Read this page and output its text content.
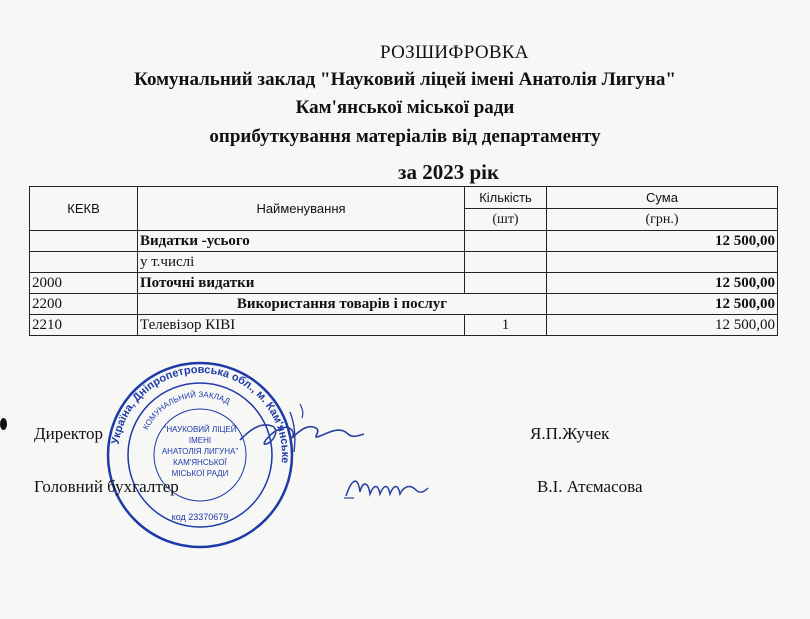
РОЗШИФРОВКА
Комунальний заклад "Науковий ліцей імені Анатолія Лигуна"
Кам'янської міської ради
оприбуткування матеріалів від департаменту
за 2023 рік
КЕКВ	Найменування	Кількість	Сума
		(шт)	(грн.)
	Видатки -усього		12 500,00
	у т.числі		
2000	Поточні видатки		12 500,00
2200	Використання товарів і послуг		12 500,00
2210	Телевізор КІВІ	1	12 500,00
Україна, Дніпропетровська обл., м. Кам'янське
КОМУНАЛЬНИЙ ЗАКЛАД
"НАУКОВИЙ ЛІЦЕЙ
ІМЕНІ
АНАТОЛІЯ ЛИГУНА"
КАМ'ЯНСЬКОЇ
МІСЬКОЇ РАДИ
код 23370679
Директор	Я.П.Жучек
Головний бухгалтер	В.І. Атємасова
